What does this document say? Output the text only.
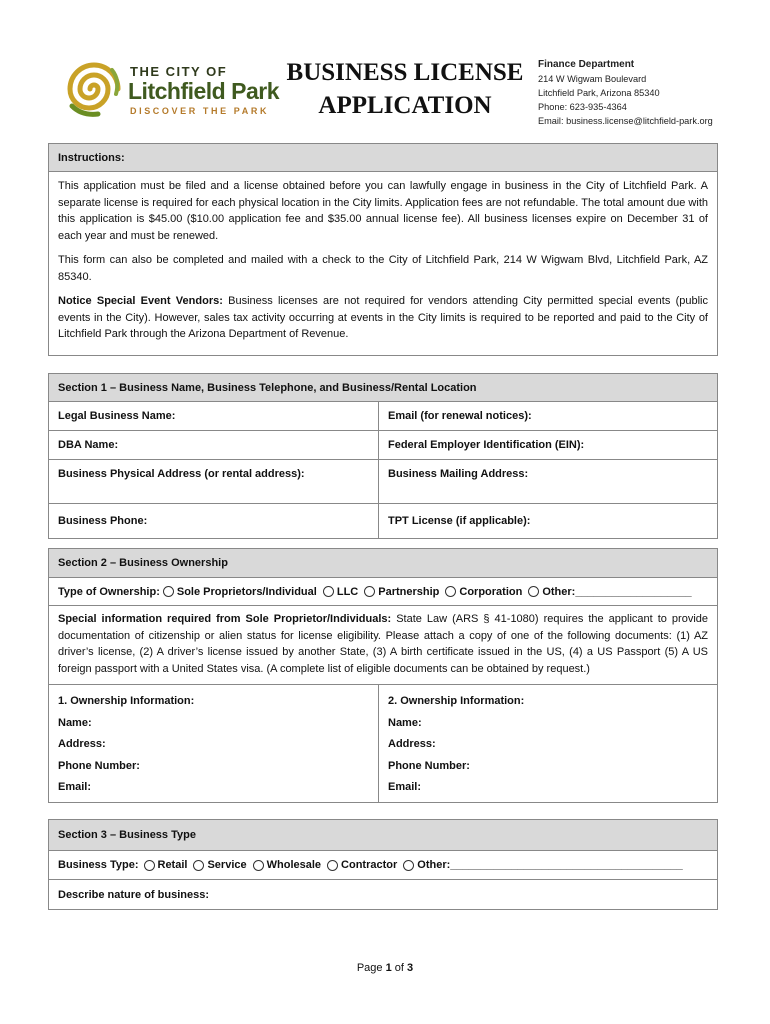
THE CITY OF
Litchfield Park
DISCOVER THE PARK
BUSINESS LICENSE
APPLICATION
Finance Department
214 W Wigwam Boulevard
Litchfield Park, Arizona 85340
Phone: 623-935-4364
Email: business.license@litchfield-park.org
Instructions:

This application must be filed and a license obtained before you can lawfully engage in business in the City of Litchfield Park. A separate license is required for each physical location in the City limits. Application fees are not refundable. The total amount due with this application is $45.00 ($10.00 application fee and $35.00 annual license fee). All business licenses expire on December 31 of each year and must be renewed.

This form can also be completed and mailed with a check to the City of Litchfield Park, 214 W Wigwam Blvd, Litchfield Park, AZ 85340.

Notice Special Event Vendors: Business licenses are not required for vendors attending City permitted special events (public events in the City). However, sales tax activity occurring at events in the City limits is required to be reported and paid to the City of Litchfield Park through the Arizona Department of Revenue.

Section 1 – Business Name, Business Telephone, and Business/Rental Location
Legal Business Name:	Email (for renewal notices):
DBA Name:	Federal Employer Identification (EIN):
Business Physical Address (or rental address):	Business Mailing Address:
Business Phone:	TPT License (if applicable):
Section 2 – Business Ownership
Type of Ownership: Sole Proprietors/Individual LLC Partnership Corporation Other:___________________
Special information required from Sole Proprietor/Individuals: State Law (ARS § 41-1080) requires the applicant to provide documentation of citizenship or alien status for license eligibility. Please attach a copy of one of the following documents: (1) AZ driver’s license, (2) A driver’s license issued by another State, (3) A birth certificate issued in the US, (4) a US Passport (5) A US foreign passport with a United States visa. (A complete list of eligible documents can be obtained by request.)
1. Ownership Information:
Name:
Address:
Phone Number:
Email:
2. Ownership Information:
Name:
Address:
Phone Number:
Email:
Section 3 – Business Type
Business Type: Retail Service Wholesale Contractor Other:______________________________________
Describe nature of business:
Page 1 of 3
